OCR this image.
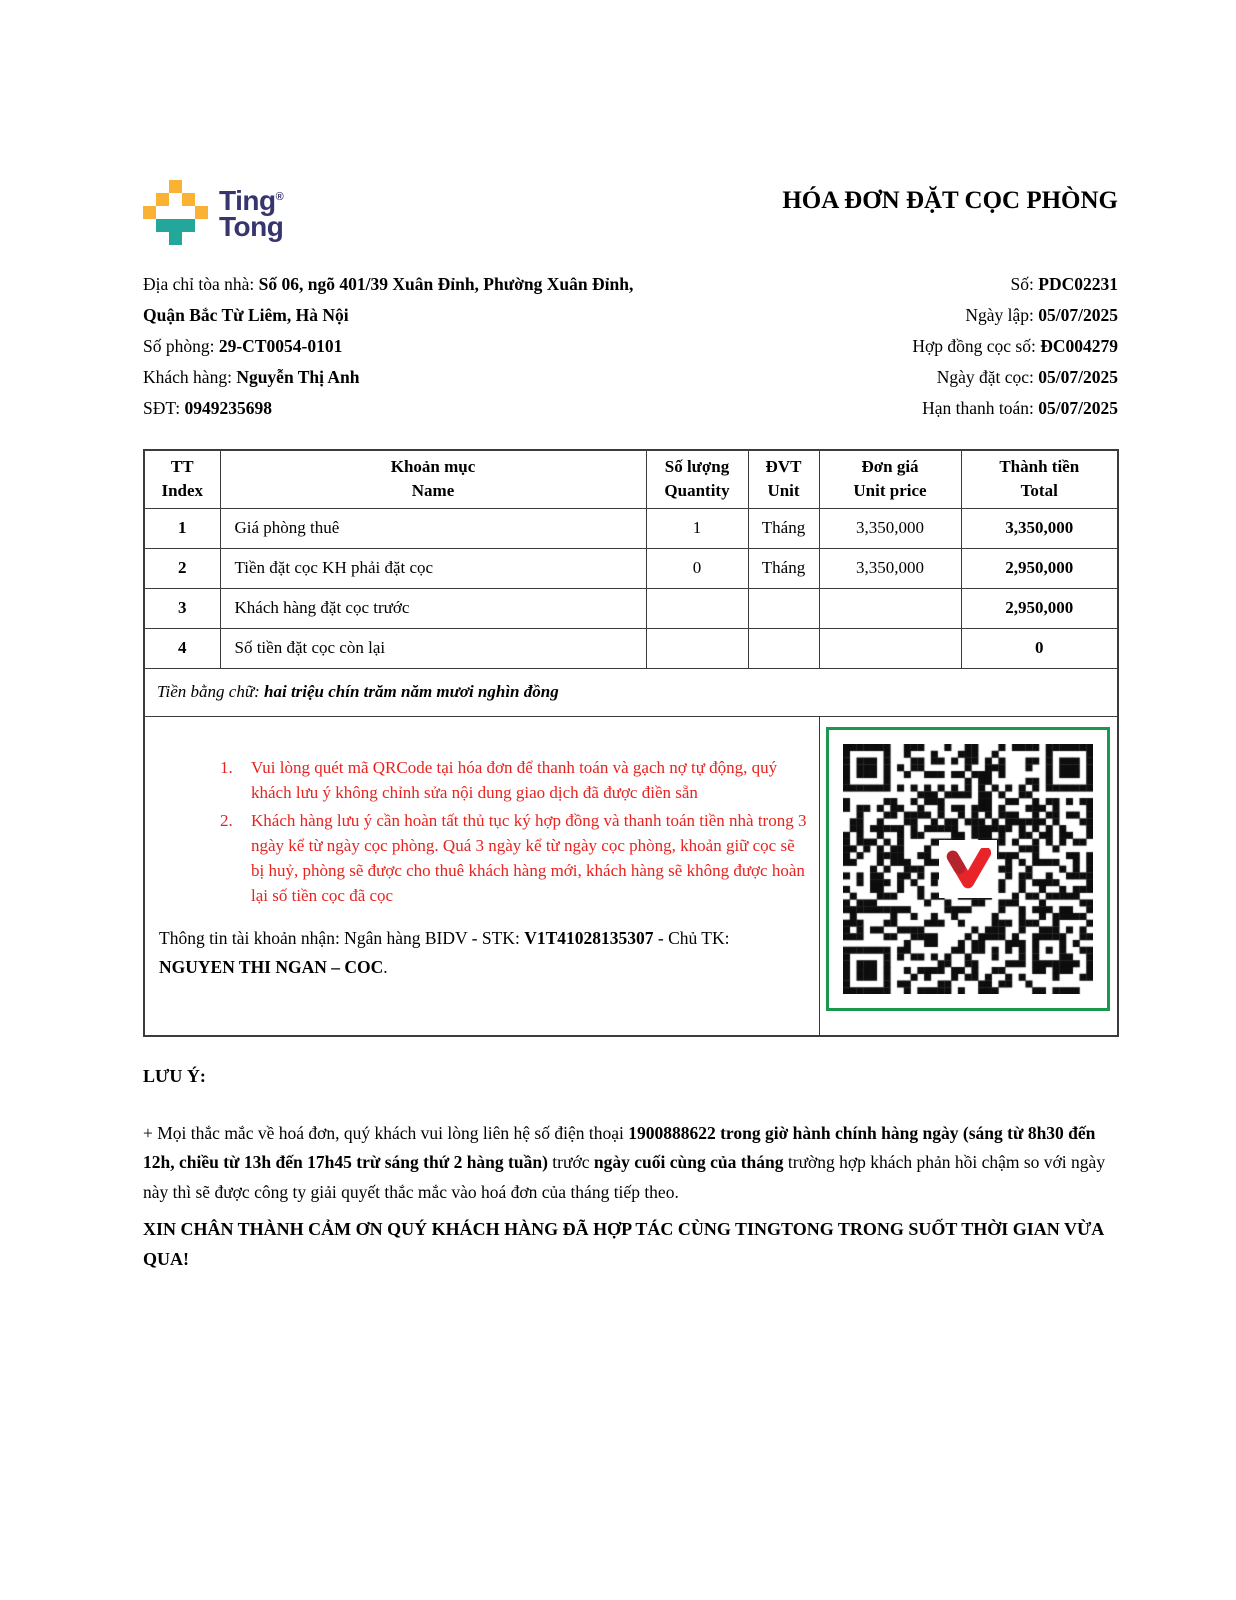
Ting®
Tong
HÓA ĐƠN ĐẶT CỌC PHÒNG
Địa chỉ tòa nhà: Số 06, ngõ 401/39 Xuân Đỉnh, Phường Xuân Đỉnh,
Quận Bắc Từ Liêm, Hà Nội
Số phòng: 29-CT0054-0101
Khách hàng: Nguyễn Thị Anh
SĐT: 0949235698
Số: PDC02231
Ngày lập: 05/07/2025
Hợp đồng cọc số: ĐC004279
Ngày đặt cọc: 05/07/2025
Hạn thanh toán: 05/07/2025
TT
Index

Khoản mục
Name

Số lượng
Quantity

ĐVT
Unit

Đơn giá
Unit price

Thành tiền
Total

1	Giá phòng thuê	1	Tháng	3,350,000	3,350,000
2	Tiền đặt cọc KH phải đặt cọc	0	Tháng	3,350,000	2,950,000
3	Khách hàng đặt cọc trước				2,950,000
4	Số tiền đặt cọc còn lại				0
Tiền bằng chữ: hai triệu chín trăm năm mươi nghìn đồng					

1. Vui lòng quét mã QRCode tại hóa đơn để thanh toán và gạch nợ tự động, quý khách lưu ý không chỉnh sửa nội dung giao dịch đã được điền sẵn
2. Khách hàng lưu ý cần hoàn tất thủ tục ký hợp đồng và thanh toán tiền nhà trong 3 ngày kể từ ngày cọc phòng. Quá 3 ngày kể từ ngày cọc phòng, khoản giữ cọc sẽ bị huỷ, phòng sẽ được cho thuê khách hàng mới, khách hàng sẽ không được hoàn lại số tiền cọc đã cọc

Thông tin tài khoản nhận: Ngân hàng BIDV - STK: V1T41028135307 - Chủ TK: NGUYEN THI NGAN – COC.

LƯU Ý:

+ Mọi thắc mắc về hoá đơn, quý khách vui lòng liên hệ số điện thoại 1900888622 trong giờ hành chính hàng ngày (sáng từ 8h30 đến 12h, chiều từ 13h đến 17h45 trừ sáng thứ 2 hàng tuần) trước ngày cuối cùng của tháng trường hợp khách phản hồi chậm so với ngày này thì sẽ được công ty giải quyết thắc mắc vào hoá đơn của tháng tiếp theo.

XIN CHÂN THÀNH CẢM ƠN QUÝ KHÁCH HÀNG ĐÃ HỢP TÁC CÙNG TINGTONG TRONG SUỐT THỜI GIAN VỪA QUA!
